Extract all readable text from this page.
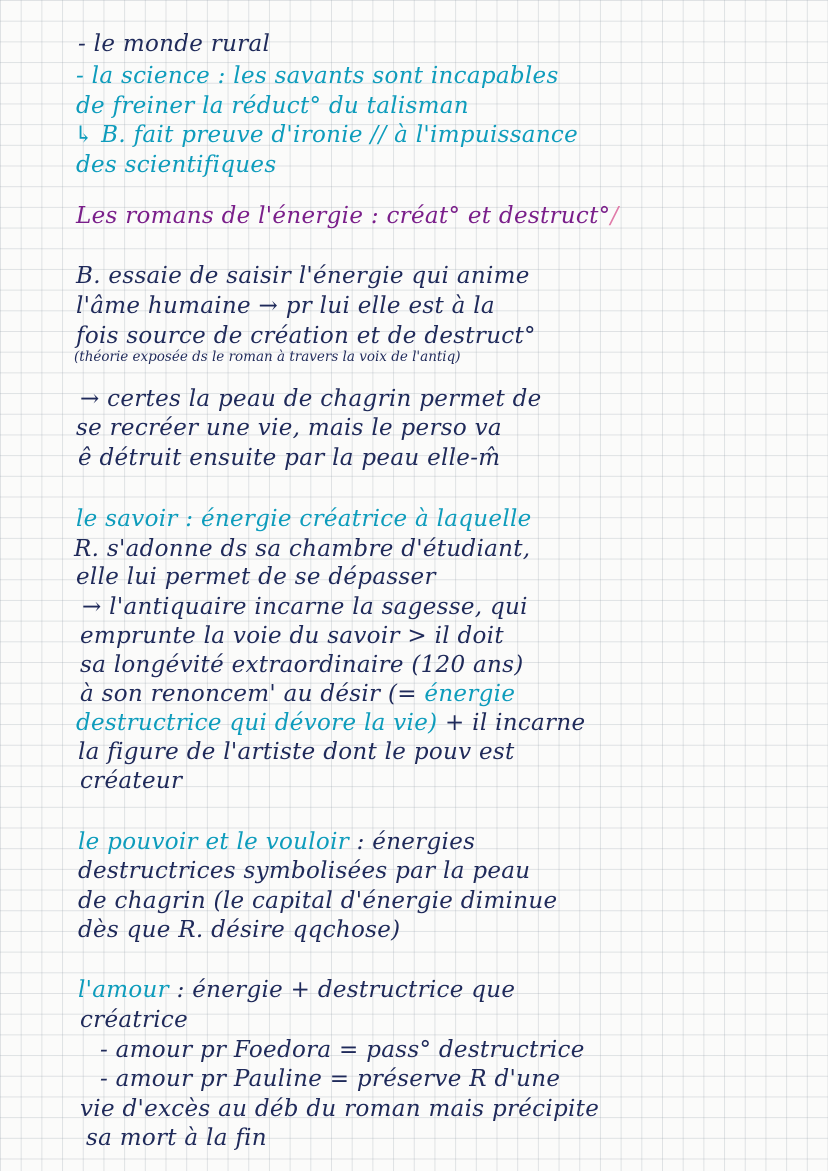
- le monde rural
- la science : les savants sont incapables
de freiner la réduct° du talisman
↳ B. fait preuve d'ironie // à l'impuissance
des scientifiques
Les romans de l'énergie : créat° et destruct°/
B. essaie de saisir l'énergie qui anime
l'âme humaine → pr lui elle est à la
fois source de création et de destruct°
(théorie exposée ds le roman à travers la voix de l'antiq)
→ certes la peau de chagrin permet de
se recréer une vie, mais le perso va
ê détruit ensuite par la peau elle-m̂
le savoir : énergie créatrice à laquelle
R. s'adonne ds sa chambre d'étudiant,
elle lui permet de se dépasser
→ l'antiquaire incarne la sagesse, qui
emprunte la voie du savoir > il doit
sa longévité extraordinaire (120 ans)
à son renoncem' au désir (= énergie
destructrice qui dévore la vie) + il incarne
la figure de l'artiste dont le pouv est
créateur
le pouvoir et le vouloir : énergies
destructrices symbolisées par la peau
de chagrin (le capital d'énergie diminue
dès que R. désire qqchose)
l'amour : énergie + destructrice que
créatrice
- amour pr Foedora = pass° destructrice
- amour pr Pauline = préserve R d'une
vie d'excès au déb du roman mais précipite
sa mort à la fin
